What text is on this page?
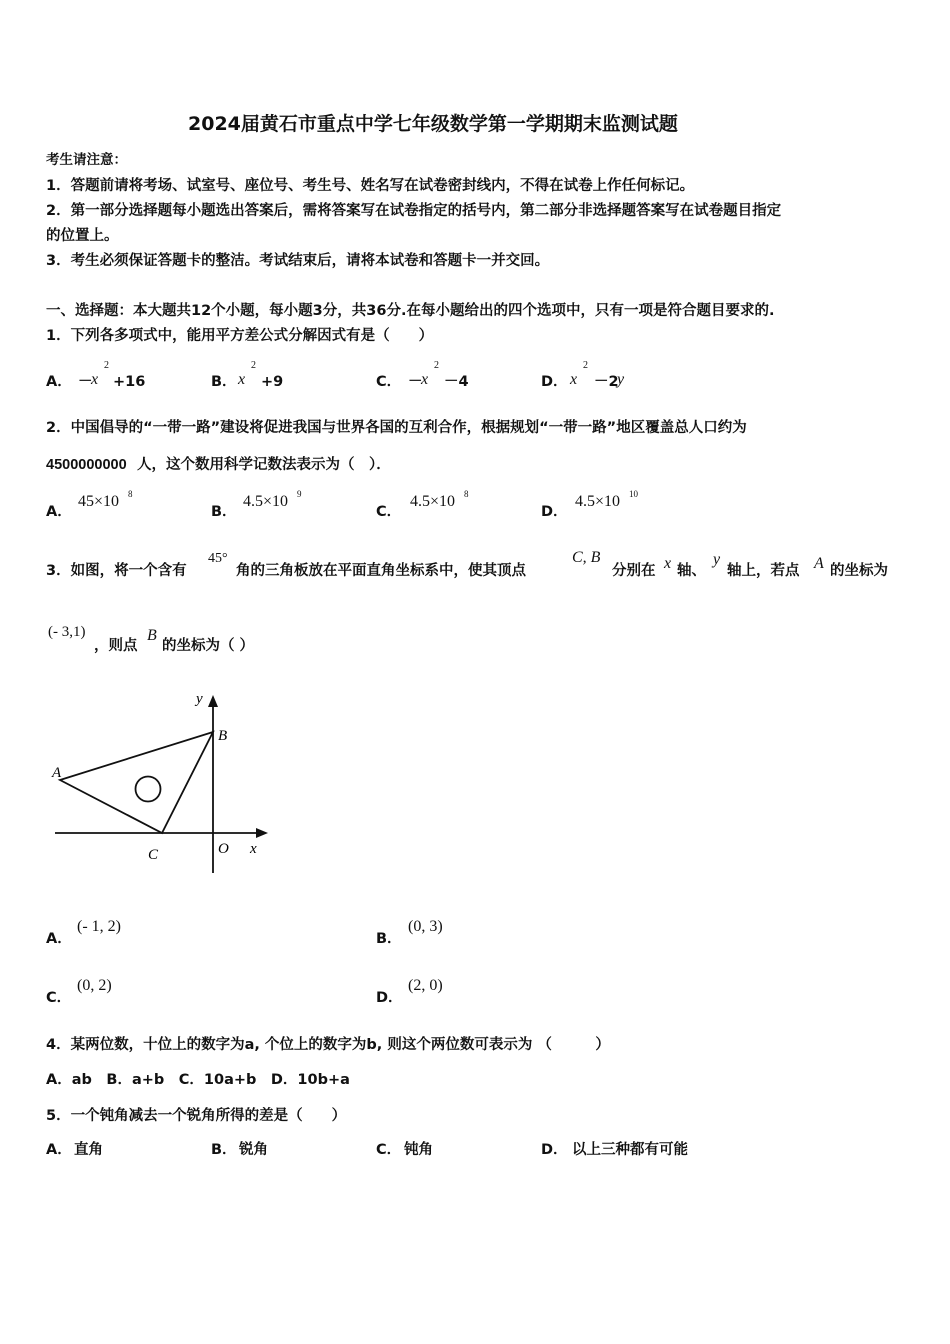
2024届黄石市重点中学七年级数学第一学期期末监测试题
考生请注意：
1．答题前请将考场、试室号、座位号、考生号、姓名写在试卷密封线内，不得在试卷上作任何标记。
2．第一部分选择题每小题选出答案后，需将答案写在试卷指定的括号内，第二部分非选择题答案写在试卷题目指定
的位置上。
3．考生必须保证答题卡的整洁。考试结束后，请将本试卷和答题卡一并交回。
一、选择题：本大题共12个小题，每小题3分，共36分.在每小题给出的四个选项中，只有一项是符合题目要求的.
1．下列各多项式中，能用平方差公式分解因式有是（　　）
A． －
x
2
+16	B． x
2
+9	C． －
x
2
－4	D． x
2
－2
y
2．中国倡导的“一带一路”建设将促进我国与世界各国的互利合作，根据规划“一带一路”地区覆盖总人口约为
4500000000 人，这个数用科学记数法表示为（　）．
A．
45×10 8
B．
4.5×10 9
C．
4.5×10 8
D．
4.5×10 10
3．如图，将一个含有
45°
角的三角板放在平面直角坐标系中，使其顶点
C, B
分别在 x 轴、
y
轴上，若点 A 的坐标为
(- 3,1)
，则点
B
的坐标为（ ）
y
B
A
C	O x
A．
(- 1, 2)
B．
(0, 3)
C．
(0, 2)
D．
(2, 0)
4．某两位数，十位上的数字为a, 个位上的数字为b, 则这个两位数可表示为 （　　　）
A．ab　B．a+b　C．10a+b　D．10b+a
5．一个钝角减去一个锐角所得的差是（　　）
A． 直角	B． 锐角	C． 钝角	D． 以上三种都有可能
